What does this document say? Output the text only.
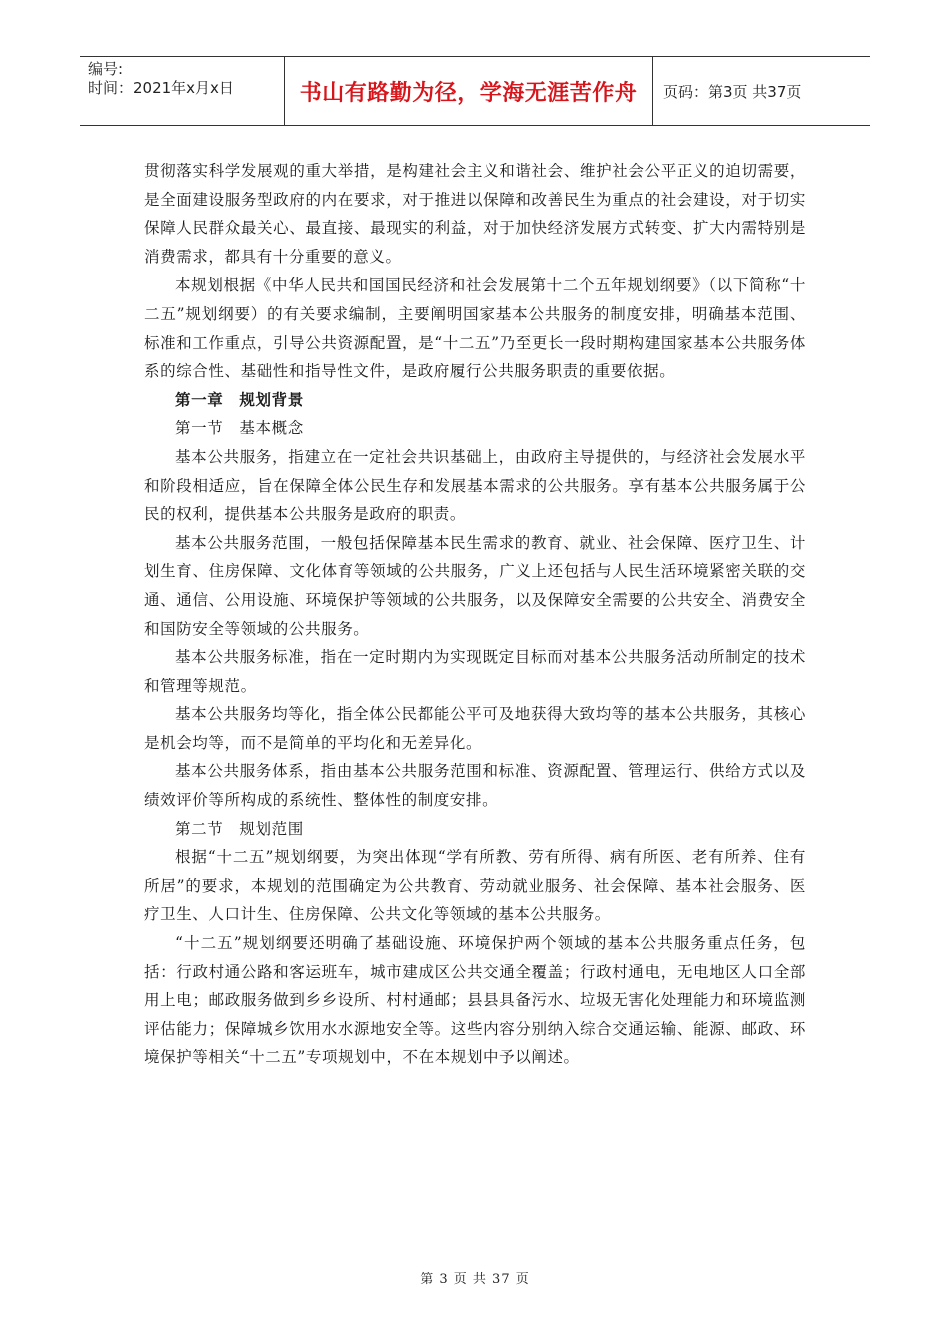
编号:
时间：2021年x月x日	书山有路勤为径，学海无涯苦作舟 页码：第3页 共37页

贯彻落实科学发展观的重大举措，是构建社会主义和谐社会、维护社会公平正义的迫切需要，是全面建设服务型政府的内在要求，对于推进以保障和改善民生为重点的社会建设，对于切实保障人民群众最关心、最直接、最现实的利益，对于加快经济发展方式转变、扩大内需特别是消费需求，都具有十分重要的意义。

本规划根据《中华人民共和国国民经济和社会发展第十二个五年规划纲要》（以下简称“十二五”规划纲要）的有关要求编制，主要阐明国家基本公共服务的制度安排，明确基本范围、标准和工作重点，引导公共资源配置，是“十二五”乃至更长一段时期构建国家基本公共服务体系的综合性、基础性和指导性文件，是政府履行公共服务职责的重要依据。

第一章　规划背景

第一节　基本概念

基本公共服务，指建立在一定社会共识基础上，由政府主导提供的，与经济社会发展水平和阶段相适应，旨在保障全体公民生存和发展基本需求的公共服务。享有基本公共服务属于公民的权利，提供基本公共服务是政府的职责。

基本公共服务范围，一般包括保障基本民生需求的教育、就业、社会保障、医疗卫生、计划生育、住房保障、文化体育等领域的公共服务，广义上还包括与人民生活环境紧密关联的交通、通信、公用设施、环境保护等领域的公共服务，以及保障安全需要的公共安全、消费安全和国防安全等领域的公共服务。

基本公共服务标准，指在一定时期内为实现既定目标而对基本公共服务活动所制定的技术和管理等规范。

基本公共服务均等化，指全体公民都能公平可及地获得大致均等的基本公共服务，其核心是机会均等，而不是简单的平均化和无差异化。

基本公共服务体系，指由基本公共服务范围和标准、资源配置、管理运行、供给方式以及绩效评价等所构成的系统性、整体性的制度安排。

第二节　规划范围

根据“十二五”规划纲要，为突出体现“学有所教、劳有所得、病有所医、老有所养、住有所居”的要求，本规划的范围确定为公共教育、劳动就业服务、社会保障、基本社会服务、医疗卫生、人口计生、住房保障、公共文化等领域的基本公共服务。

“十二五”规划纲要还明确了基础设施、环境保护两个领域的基本公共服务重点任务，包括：行政村通公路和客运班车，城市建成区公共交通全覆盖；行政村通电，无电地区人口全部用上电；邮政服务做到乡乡设所、村村通邮；县县具备污水、垃圾无害化处理能力和环境监测评估能力；保障城乡饮用水水源地安全等。这些内容分别纳入综合交通运输、能源、邮政、环境保护等相关“十二五”专项规划中，不在本规划中予以阐述。

第 3 页 共 37 页
